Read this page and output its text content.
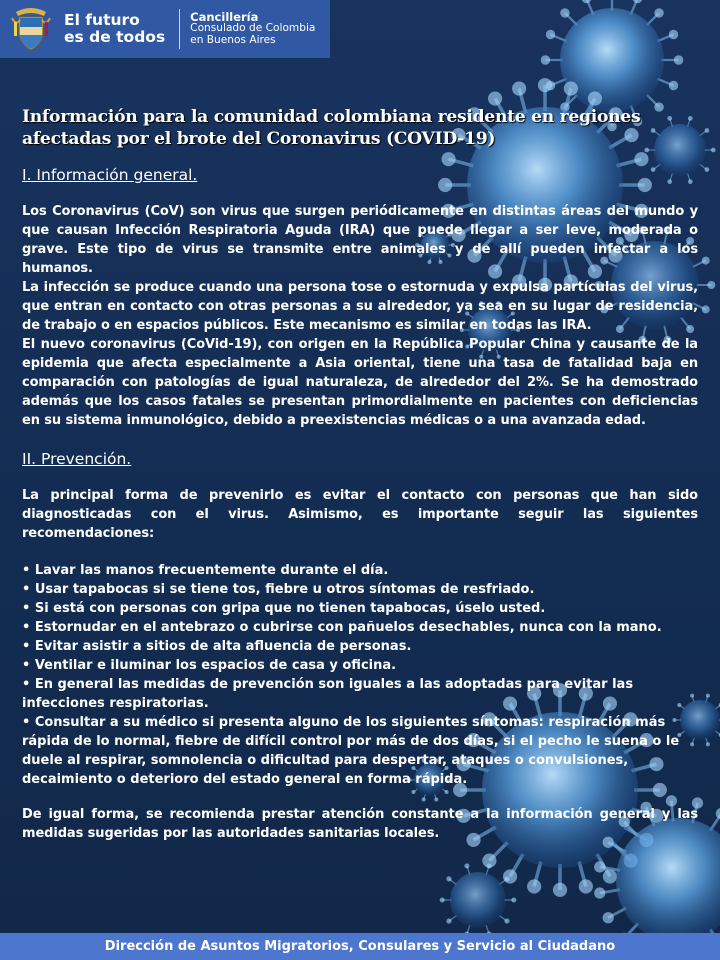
El futuro
es de todos
Cancillería
Consulado de Colombia
en Buenos Aires
Información para la comunidad colombiana residente en regiones afectadas por el brote del Coronavirus (COVID-19)
I. Información general.

Los Coronavirus (CoV) son virus que surgen periódicamente en distintas áreas del mundo y que causan Infección Respiratoria Aguda (IRA) que puede llegar a ser leve, moderada o grave. Este tipo de virus se transmite entre animales y de allí pueden infectar a los humanos.

La infección se produce cuando una persona tose o estornuda y expulsa partículas del virus, que entran en contacto con otras personas a su alrededor, ya sea en su lugar de residencia, de trabajo o en espacios públicos. Este mecanismo es similar en todas las IRA.

El nuevo coronavirus (CoVid-19), con origen en la República Popular China y causante de la epidemia que afecta especialmente a Asia oriental, tiene una tasa de fatalidad baja en comparación con patologías de igual naturaleza, de alrededor del 2%. Se ha demostrado además que los casos fatales se presentan primordialmente en pacientes con deficiencias en su sistema inmunológico, debido a preexistencias médicas o a una avanzada edad.

II. Prevención.

La principal forma de prevenirlo es evitar el contacto con personas que han sido diagnosticadas con el virus. Asimismo, es importante seguir las siguientes recomendaciones:

• Lavar las manos frecuentemente durante el día.
• Usar tapabocas si se tiene tos, fiebre u otros síntomas de resfriado.
• Si está con personas con gripa que no tienen tapabocas, úselo usted.
• Estornudar en el antebrazo o cubrirse con pañuelos desechables, nunca con la mano.
• Evitar asistir a sitios de alta afluencia de personas.
• Ventilar e iluminar los espacios de casa y oficina.
• En general las medidas de prevención son iguales a las adoptadas para evitar las infecciones respiratorias.
• Consultar a su médico si presenta alguno de los siguientes síntomas: respiración más rápida de lo normal, fiebre de difícil control por más de dos días, si el pecho le suena o le duele al respirar, somnolencia o dificultad para despertar, ataques o convulsiones, decaimiento o deterioro del estado general en forma rápida.

De igual forma, se recomienda prestar atención constante a la información general y las medidas sugeridas por las autoridades sanitarias locales.

Dirección de Asuntos Migratorios, Consulares y Servicio al Ciudadano
